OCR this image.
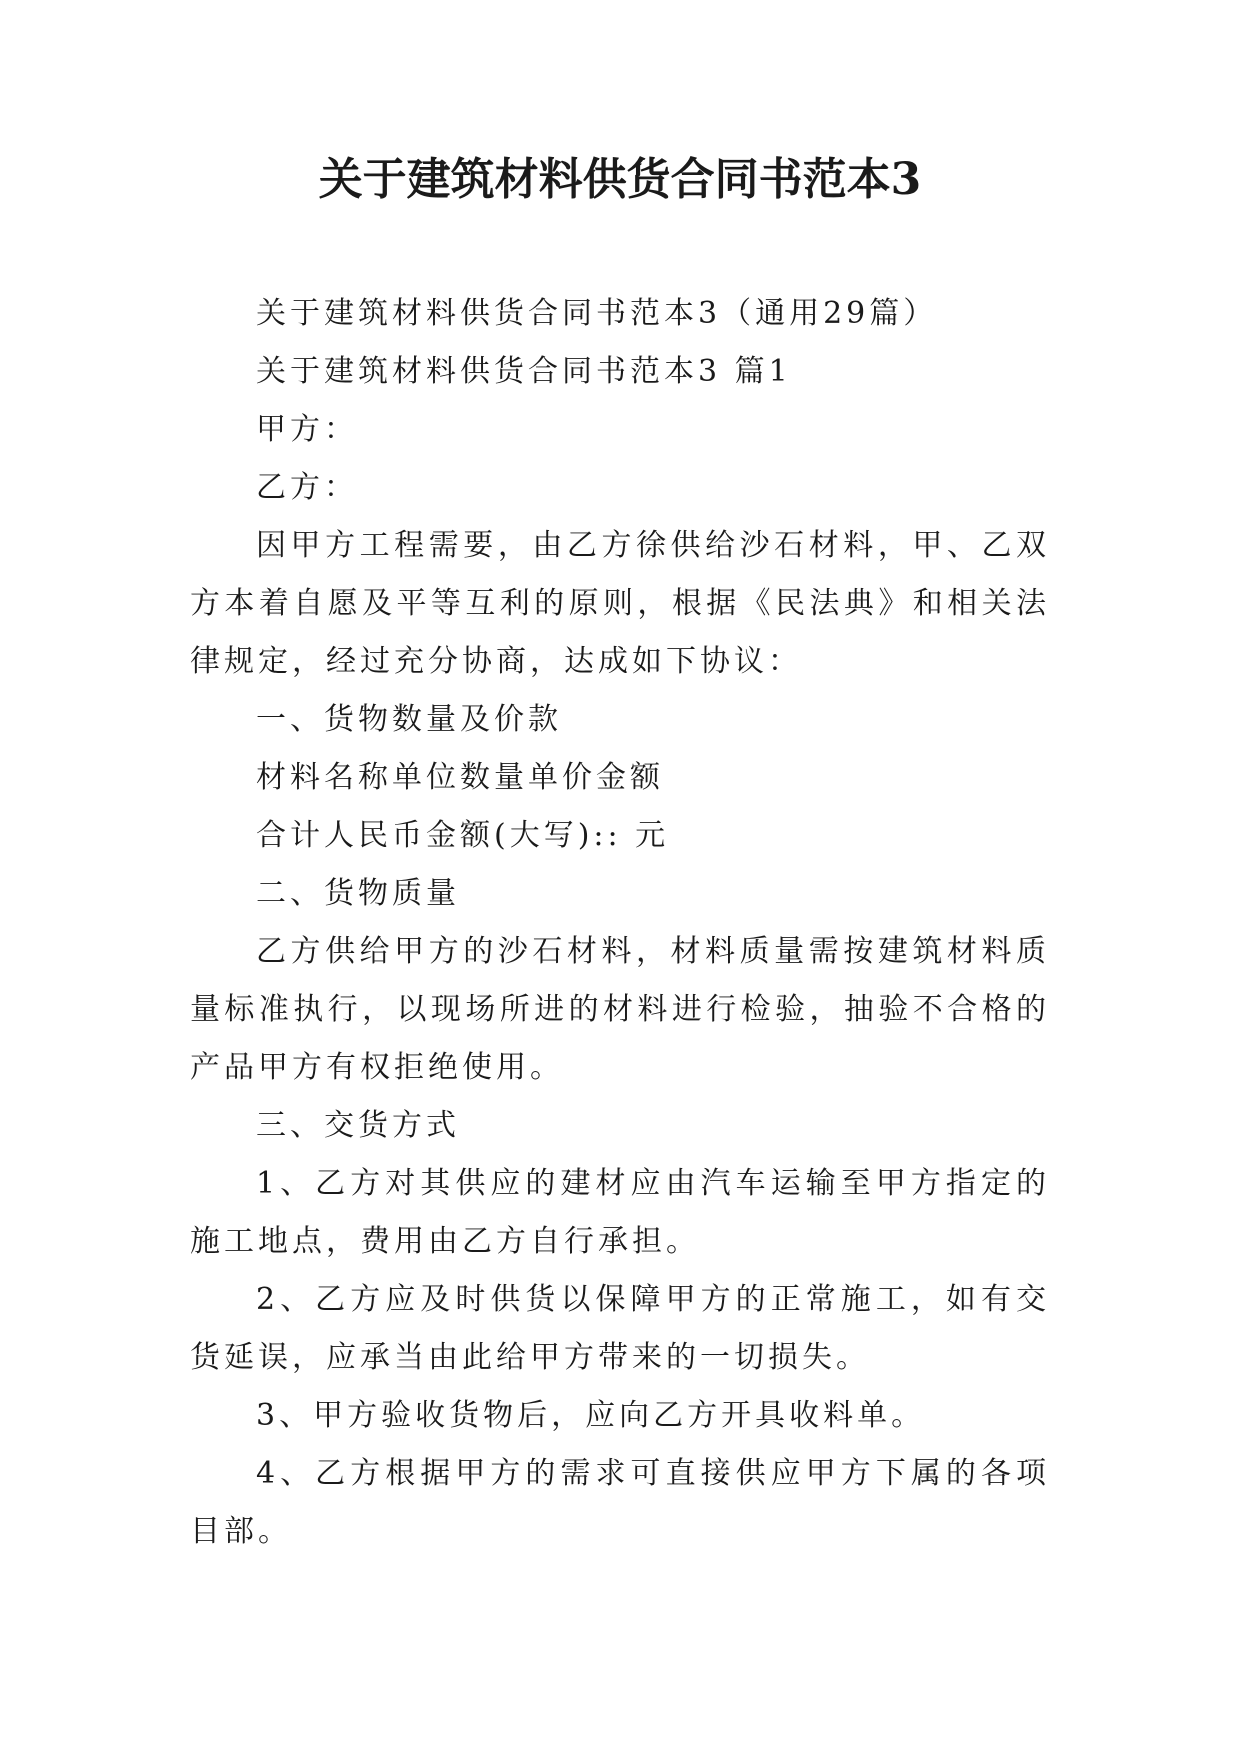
关于建筑材料供货合同书范本3

关于建筑材料供货合同书范本3（通用29篇）

关于建筑材料供货合同书范本3 篇1

甲方：

乙方：

因甲方工程需要，由乙方徐供给沙石材料，甲、乙双方本着自愿及平等互利的原则，根据《民法典》和相关法律规定，经过充分协商，达成如下协议：

一、货物数量及价款

材料名称单位数量单价金额

合计人民币金额(大写):: 元

二、货物质量

乙方供给甲方的沙石材料，材料质量需按建筑材料质量标准执行，以现场所进的材料进行检验，抽验不合格的产品甲方有权拒绝使用。

三、交货方式

1、乙方对其供应的建材应由汽车运输至甲方指定的施工地点，费用由乙方自行承担。

2、乙方应及时供货以保障甲方的正常施工，如有交货延误，应承当由此给甲方带来的一切损失。

3、甲方验收货物后，应向乙方开具收料单。

4、乙方根据甲方的需求可直接供应甲方下属的各项目部。
